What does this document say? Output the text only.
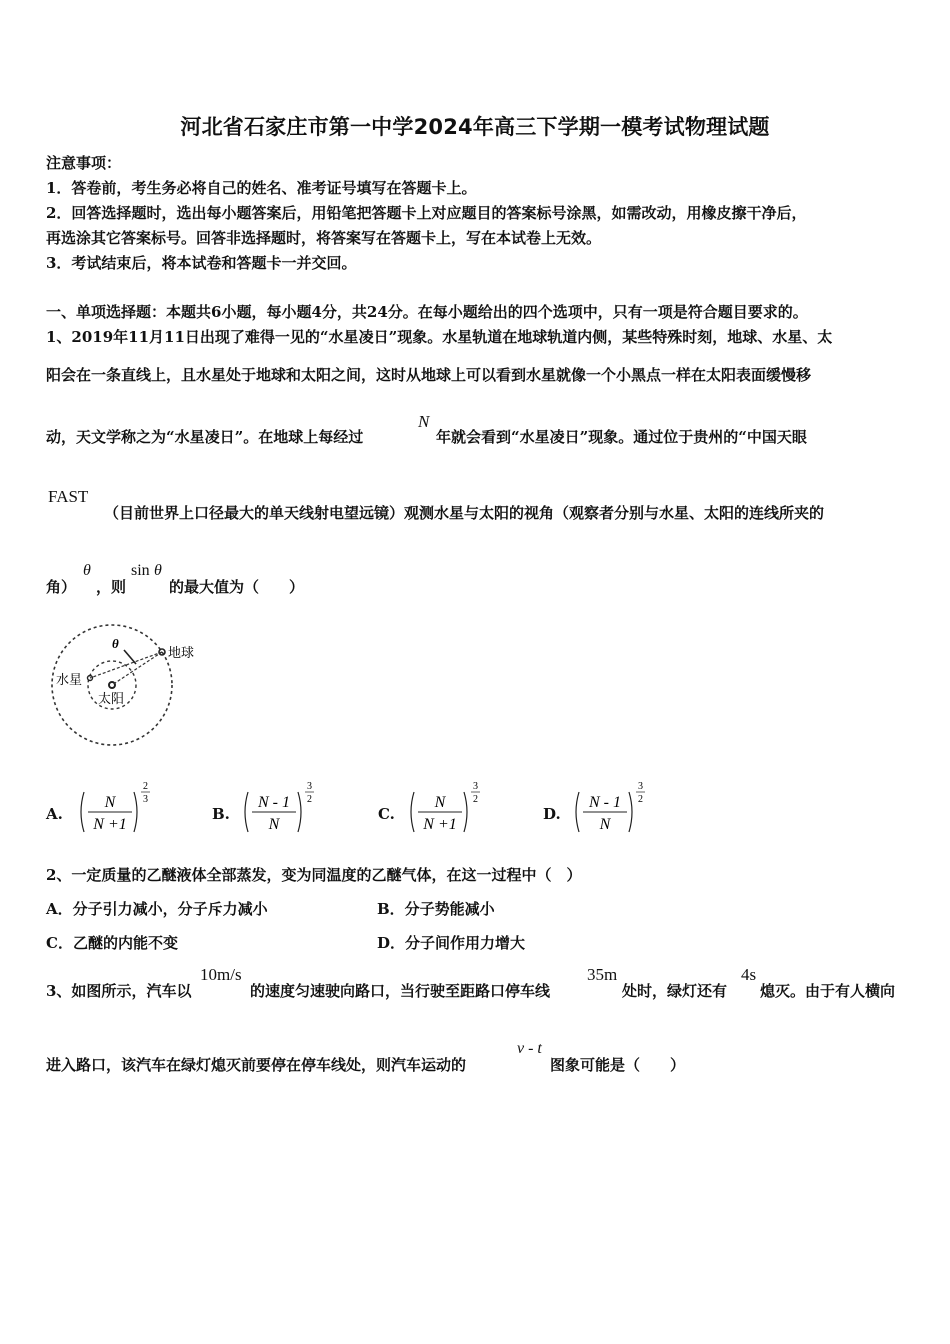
河北省石家庄市第一中学2024年高三下学期一模考试物理试题
注意事项：
1．答卷前，考生务必将自己的姓名、准考证号填写在答题卡上。
2．回答选择题时，选出每小题答案后，用铅笔把答题卡上对应题目的答案标号涂黑，如需改动，用橡皮擦干净后，
再选涂其它答案标号。回答非选择题时，将答案写在答题卡上，写在本试卷上无效。
3．考试结束后，将本试卷和答题卡一并交回。
一、单项选择题：本题共6小题，每小题4分，共24分。在每小题给出的四个选项中，只有一项是符合题目要求的。
1、2019年11月11日出现了难得一见的“水星凌日”现象。水星轨道在地球轨道内侧，某些特殊时刻，地球、水星、太
阳会在一条直线上，且水星处于地球和太阳之间，这时从地球上可以看到水星就像一个小黑点一样在太阳表面缓慢移
动，天文学称之为“水星凌日”。在地球上每经过
N
年就会看到“水星凌日”现象。通过位于贵州的“中国天眼
FAST
（目前世界上口径最大的单天线射电望远镜）观测水星与太阳的视角（观察者分别与水星、太阳的连线所夹的
角）
θ
，则
sin θ
的最大值为（　　）
θ
地球
水星
太阳
A.
N
N +1
2
3
B.
N - 1
N
3
2
C.
N
N +1
3
2
D.
N - 1
N
3
2
2、一定质量的乙醚液体全部蒸发，变为同温度的乙醚气体，在这一过程中（　）
A．分子引力减小，分子斥力减小	B．分子势能减小
C．乙醚的内能不变	D．分子间作用力增大
3、如图所示，汽车以
10m/s
的速度匀速驶向路口，当行驶至距路口停车线
35m
处时，绿灯还有
4s
熄灭。由于有人横向
进入路口，该汽车在绿灯熄灭前要停在停车线处，则汽车运动的
v - t
图象可能是（　　）
